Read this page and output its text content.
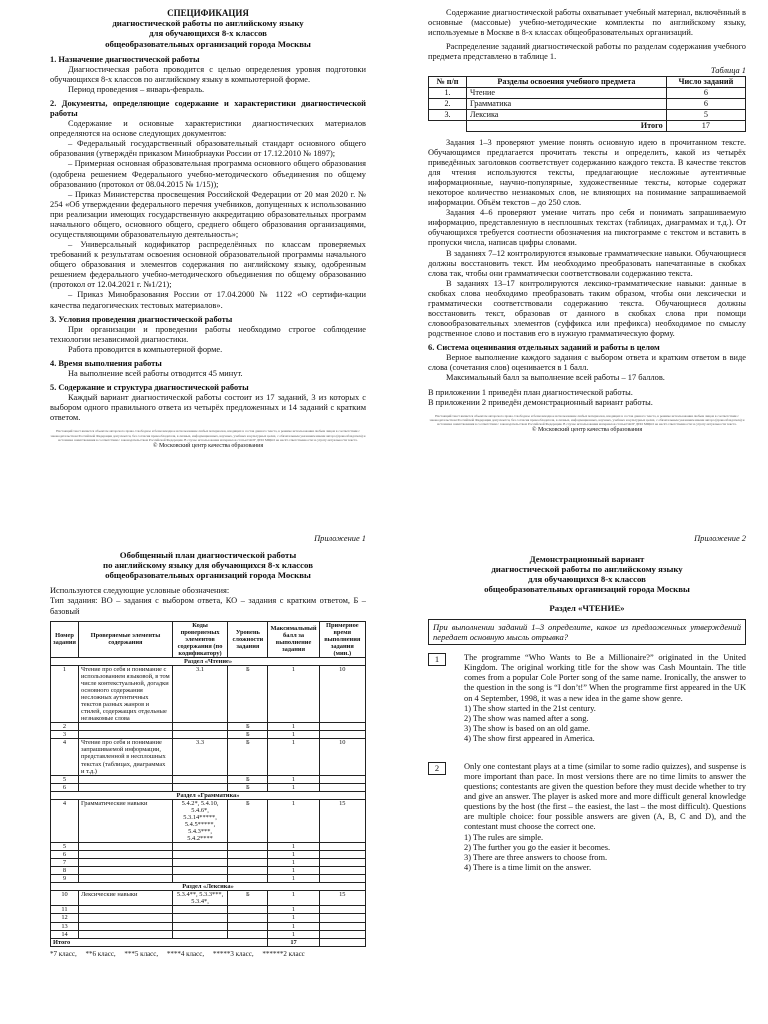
СПЕЦИФИКАЦИЯ
диагностической работы по английскому языку
для обучающихся 8-х классов
общеобразовательных организаций города Москвы

1. Назначение диагностической работы

Диагностическая работа проводится с целью определения уровня подготовки обучающихся 8-х классов по английскому языку в компьютерной форме.

Период проведения – январь-февраль.

2. Документы, определяющие содержание и характеристики диагностической работы

Содержание и основные характеристики диагностических материалов определяются на основе следующих документов:

– Федеральный государственный образовательный стандарт основного общего образования (утверждён приказом Минобрнауки России от 17.12.2010 № 1897);

– Примерная основная образовательная программа основного общего образования (одобрена решением Федерального учебно-методического объединения по общему образованию (протокол от 08.04.2015 № 1/15));

– Приказ Министерства просвещения Российской Федерации от 20 мая 2020 г. № 254 «Об утверждении федерального перечня учебников, допущенных к использованию при реализации имеющих государственную аккредитацию образовательных программ начального общего, основного общего, среднего общего образования организациями, осуществляющими образовательную деятельность»;

– Универсальный кодификатор распределённых по классам проверяемых требований к результатам освоения основной образовательной программы начального общего образования и элементов содержания по английскому языку, одобренным решением федерального учебно-методического объединения по общему образованию (протокол от 12.04.2021 г. №1/21);

– Приказ Минобразования России от 17.04.2000 № 1122 «О сертифи-кации качества педагогических тестовых материалов».

3. Условия проведения диагностической работы

При организации и проведении работы необходимо строгое соблюдение технологии независимой диагностики.

Работа проводится в компьютерной форме.

4. Время выполнения работы

На выполнение всей работы отводится 45 минут.

5. Содержание и структура диагностической работы

Каждый вариант диагностической работы состоит из 17 заданий, 3 из которых с выбором одного правильного ответа из четырёх предложенных и 14 заданий с кратким ответом.

Настоящий текст является объектом авторского права. Свободное и безвозмездное использование любых материалов, входящих в состав данного текста, в режиме использования любым лицом в соответствии с законодательством Российской Федерации допускается, без согласия правообладателя, в личных, информационных, научных, учебных и культурных целях, с обязательным указанием имени автора (правообладателя) и источника заимствования в соответствии с законодательством Российской Федерации. В случае использования материалов статьи ГАОУ ДПО МЦКО не несёт ответственности за утрату актуальности текста.
© Московский центр качества образования

Содержание диагностической работы охватывает учебный материал, включённый в основные (массовые) учебно-методические комплекты по английскому языку, используемые в Москве в 8-х классах общеобразовательных организаций.

Распределение заданий диагностической работы по разделам содержания учебного предмета представлено в таблице 1.

Таблица 1
№ п/п	Разделы освоения учебного предмета	Число заданий
1.	Чтение	6
2.	Грамматика	6
3.	Лексика	5
	Итого	17

Задания 1–3 проверяют умение понять основную идею в прочитанном тексте. Обучающимся предлагается прочитать тексты и определить, какой из четырёх приведённых заголовков соответствует содержанию каждого текста. В качестве текстов для чтения используются тексты, предлагающие несложные аутентичные информационные, научно-популярные, художественные тексты, которые содержат некоторое количество незнакомых слов, не влияющих на понимание запрашиваемой информации. Объём текстов – до 250 слов.

Задания 4–6 проверяют умение читать про себя и понимать запрашиваемую информацию, представленную в несплошных текстах (таблицах, диаграммах и т.д.). От обучающихся требуется соотнести обозначения на пиктограмме с текстом и вставить в пропуски числа, написав цифры словами.

В заданиях 7–12 контролируются языковые грамматические навыки. Обучающиеся должны восстановить текст. Им необходимо преобразовать напечатанные в скобках слова так, чтобы они грамматически соответствовали содержанию текста.

В заданиях 13–17 контролируются лексико-грамматические навыки: данные в скобках слова необходимо преобразовать таким образом, чтобы они лексически и грамматически соответствовали содержанию текста. Обучающиеся должны восстановить текст, образовав от данного в скобках слова при помощи словообразовательных элементов (суффикса или префикса) необходимое по смыслу родственное слово и поставив его в нужную грамматическую форму.

6. Система оценивания отдельных заданий и работы в целом

Верное выполнение каждого задания с выбором ответа и кратким ответом в виде слова (сочетания слов) оценивается в 1 балл.

Максимальный балл за выполнение всей работы – 17 баллов.

В приложении 1 приведён план диагностической работы.

В приложении 2 приведён демонстрационный вариант работы.

Настоящий текст является объектом авторского права. Свободное и безвозмездное использование любых материалов, входящих в состав данного текста, в режиме использования любым лицом в соответствии с законодательством Российской Федерации допускается, без согласия правообладателя, в личных, информационных, научных, учебных и культурных целях, с обязательным указанием имени автора (правообладателя) и источника заимствования в соответствии с законодательством Российской Федерации. В случае использования материалов статьи ГАОУ ДПО МЦКО не несёт ответственности за утрату актуальности текста.
© Московский центр качества образования
Приложение 1
Обобщенный план диагностической работы
по английскому языку для обучающихся 8-х классов
общеобразовательных организаций города Москвы

Используются следующие условные обозначения:

Тип задания: ВО – задания с выбором ответа, КО – задания с кратким ответом, Б – базовый

Номер задания	Проверяемые элементы содержания	Коды проверяемых элементов содержания (по кодификатору)	Уровень сложности задания	Максимальный балл за выполнение задания	Примерное время выполнения задания (мин.)
Раздел «Чтение»					
1	Чтение про себя и понимание с использованием языковой, в том числе контекстуальной, догадки основного содержания несложных аутентичных текстов разных жанров и стилей, содержащих отдельные незнакомые слова	3.1	Б	1	10
2			Б	1	
3			Б	1	
4	Чтение про себя и понимание запрашиваемой информации, представленной в несплошных текстах (таблицах, диаграммах и т.д.)	3.3	Б	1	10
5			Б	1	
6			Б	1	
Раздел «Грамматика»					
4	Грамматические навыки	5.4.2*, 5.4.10, 5.4.6*, 5.3.14*****, 5.4.5*****, 5.4.3***, 5.4.2****	Б	1	15
5				1	
6				1	
7				1	
8				1	
9				1	
Раздел «Лексика»					
10	Лексические навыки	5.3.4**, 5.3.3***, 5.3.4*,	Б	1	15
11				1	
12				1	
13				1	
14				1	
Итого				17	
*7 класс,     **6 класс,     ***5 класс,     ****4 класс,     *****3 класс,     ******2 класс
Приложение 2
Демонстрационный вариант
диагностической работы по английскому языку
для обучающихся 8-х классов
общеобразовательных организаций города Москвы
Раздел «ЧТЕНИЕ»
При выполнении заданий 1–3 определите, какое из предложенных утверждений передает основную мысль отрывка?
1	The programme “Who Wants to Be a Millionaire?” originated in the United Kingdom. The original working title for the show was Cash Mountain. The title comes from a popular Cole Porter song of the same name. Ironically, the answer to the question in the song is “I don’t!” When the programme first appeared in the UK on 4 September, 1998, it was a new idea in the game show genre.

1) The show started in the 21st century.

2) The show was named after a song.

3) The show is based on an old game.

4) The show first appeared in America.

2	Only one contestant plays at a time (similar to some radio quizzes), and suspense is more important than pace. In most versions there are no time limits to answer the questions; contestants are given the question before they must decide whether to try and give an answer. The player is asked more and more difficult general knowledge questions by the host (the first – the easiest, the last – the most difficult). Questions are multiple choice: four possible answers are given (A, B, C and D), and the contestant must choose the correct one.

1) The rules are simple.

2) The further you go the easier it becomes.

3) There are three answers to choose from.

4) There is a time limit on the answer.
